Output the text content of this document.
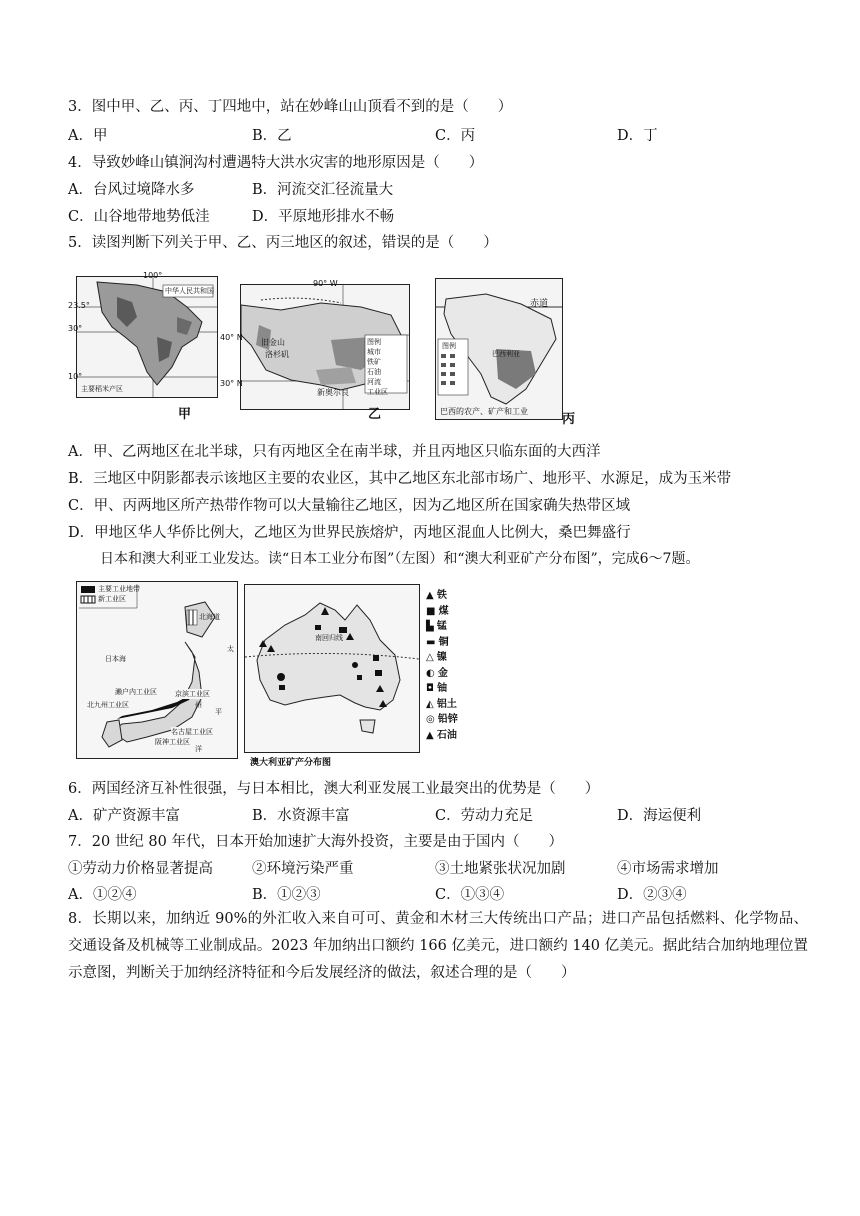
3．图中甲、乙、丙、丁四地中，站在妙峰山山顶看不到的是（　　）
A．甲	B．乙	C．丙	D．丁
4．导致妙峰山镇涧沟村遭遇特大洪水灾害的地形原因是（　　）
A．台风过境降水多	B．河流交汇径流量大
C．山谷地带地势低洼	D．平原地形排水不畅
5．读图判断下列关于甲、乙、丙三地区的叙述，错误的是（　　）
中华人民共和国
主要稻米产区
23.5°
30°
10°
100°
甲
旧金山
洛杉矶
新奥尔良
图例
城市
铁矿
石油
河流
工业区
90° W
40° N
30° N
乙
赤道
巴西利亚
图例
巴西的农产、矿产和工业
丙
A．甲、乙两地区在北半球，只有丙地区全在南半球，并且丙地区只临东面的大西洋
B．三地区中阴影都表示该地区主要的农业区，其中乙地区东北部市场广、地形平、水源足，成为玉米带
C．甲、丙两地区所产热带作物可以大量输往乙地区，因为乙地区所在国家确失热带区域
D．甲地区华人华侨比例大，乙地区为世界民族熔炉，丙地区混血人比例大，桑巴舞盛行
日本和澳大利亚工业发达。读“日本工业分布图”（左图）和“澳大利亚矿产分布图”，完成6～7题。
主要工业地带
新工业区
北海道
日本海
太
平
洋
濑户内工业区	京滨工业区
北九州工业区
名古屋工业区
阪神工业区
州
南回归线
澳大利亚矿产分布图
▲ 铁
■ 煤
▙ 锰
▬ 铜
△ 镍
◐ 金
◘ 铀
◭ 铝土
◎ 铅锌
▲ 石油
6．两国经济互补性很强，与日本相比，澳大利亚发展工业最突出的优势是（　　）
A．矿产资源丰富	B．水资源丰富	C．劳动力充足	D．海运便利
7．20 世纪 80 年代，日本开始加速扩大海外投资，主要是由于国内（　　）
①劳动力价格显著提高	②环境污染严重	③土地紧张状况加剧	④市场需求增加
A．①②④	B．①②③	C．①③④	D．②③④
8．长期以来，加纳近 90%的外汇收入来自可可、黄金和木材三大传统出口产品；进口产品包括燃料、化学物品、交通设备及机械等工业制成品。2023 年加纳出口额约 166 亿美元，进口额约 140 亿美元。据此结合加纳地理位置示意图，判断关于加纳经济特征和今后发展经济的做法，叙述合理的是（　　）
